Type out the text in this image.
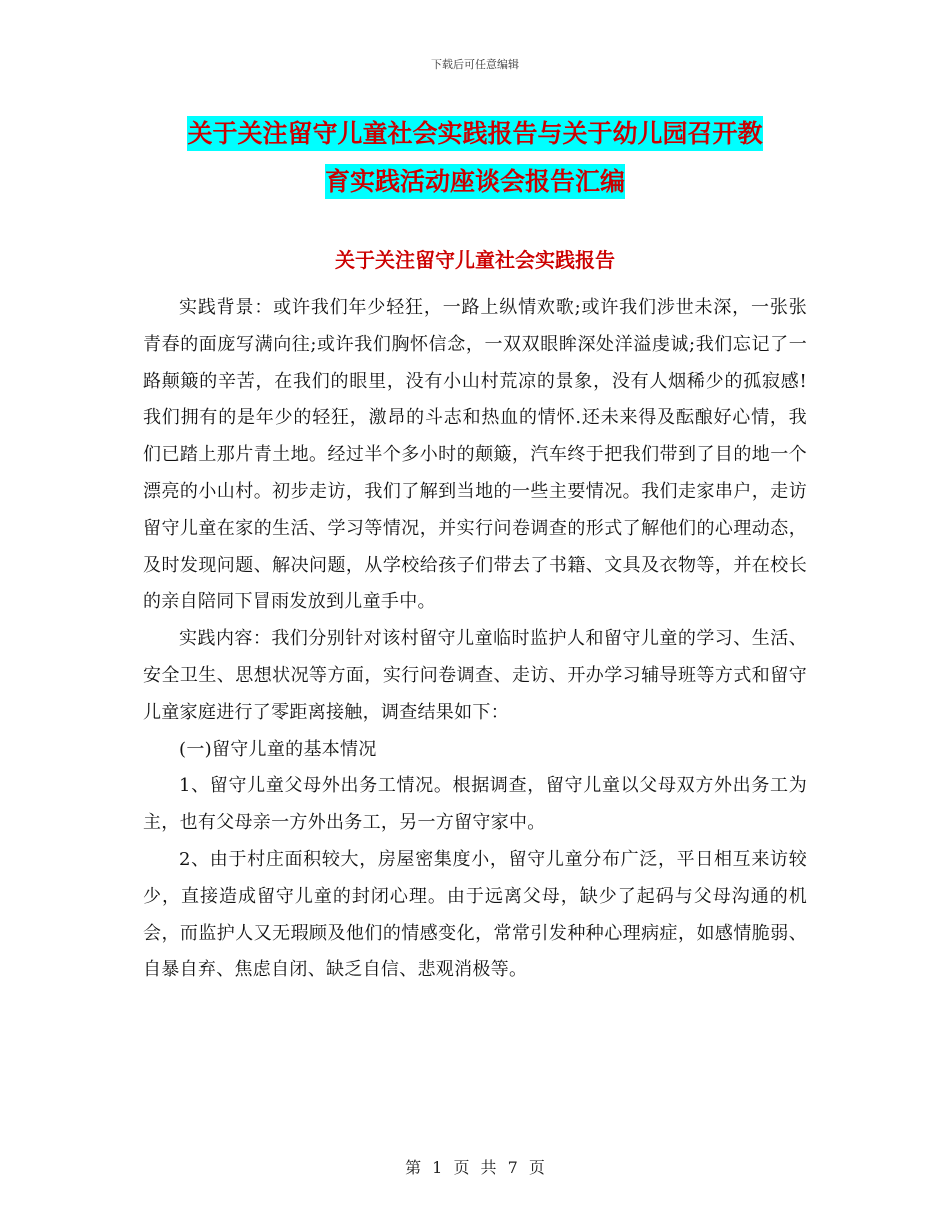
下载后可任意编辑
关于关注留守儿童社会实践报告与关于幼儿园召开教
育实践活动座谈会报告汇编
关于关注留守儿童社会实践报告

实践背景：或许我们年少轻狂，一路上纵情欢歌;或许我们涉世未深，一张张青春的面庞写满向往;或许我们胸怀信念，一双双眼眸深处洋溢虔诚;我们忘记了一路颠簸的辛苦，在我们的眼里，没有小山村荒凉的景象，没有人烟稀少的孤寂感!我们拥有的是年少的轻狂，激昂的斗志和热血的情怀.还未来得及酝酿好心情，我们已踏上那片青土地。经过半个多小时的颠簸，汽车终于把我们带到了目的地一个漂亮的小山村。初步走访，我们了解到当地的一些主要情况。我们走家串户，走访留守儿童在家的生活、学习等情况，并实行问卷调查的形式了解他们的心理动态，及时发现问题、解决问题，从学校给孩子们带去了书籍、文具及衣物等，并在校长的亲自陪同下冒雨发放到儿童手中。

实践内容：我们分别针对该村留守儿童临时监护人和留守儿童的学习、生活、安全卫生、思想状况等方面，实行问卷调查、走访、开办学习辅导班等方式和留守儿童家庭进行了零距离接触，调查结果如下：

(一)留守儿童的基本情况

1、留守儿童父母外出务工情况。根据调查，留守儿童以父母双方外出务工为主，也有父母亲一方外出务工，另一方留守家中。

2、由于村庄面积较大，房屋密集度小，留守儿童分布广泛，平日相互来访较少，直接造成留守儿童的封闭心理。由于远离父母，缺少了起码与父母沟通的机会，而监护人又无瑕顾及他们的情感变化，常常引发种种心理病症，如感情脆弱、自暴自弃、焦虑自闭、缺乏自信、悲观消极等。

第 1 页 共 7 页
